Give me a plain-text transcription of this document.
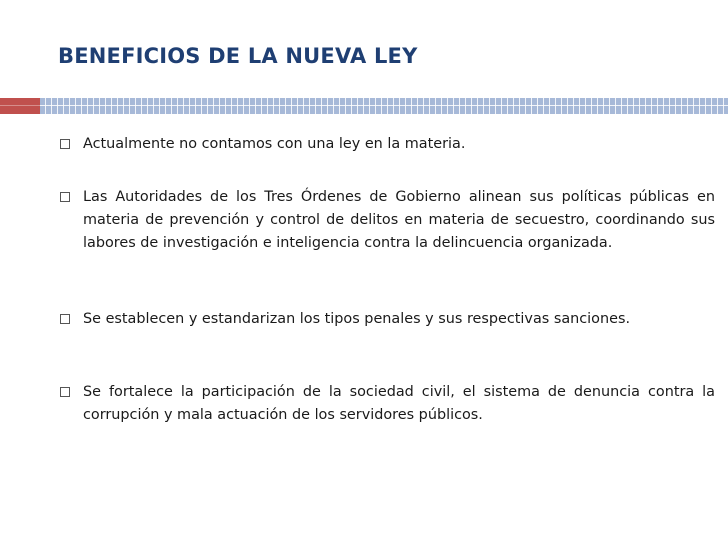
BENEFICIOS DE LA NUEVA LEY
Actualmente no contamos con una ley en la materia.
Las Autoridades de los Tres Órdenes de Gobierno alinean sus políticas públicas en materia de prevención y control de delitos en materia de secuestro, coordinando sus labores de investigación e inteligencia contra la delincuencia organizada.
Se establecen y estandarizan los tipos penales y sus respectivas sanciones.
Se fortalece la participación de la sociedad civil, el sistema de denuncia contra la corrupción y mala actuación de los servidores públicos.
